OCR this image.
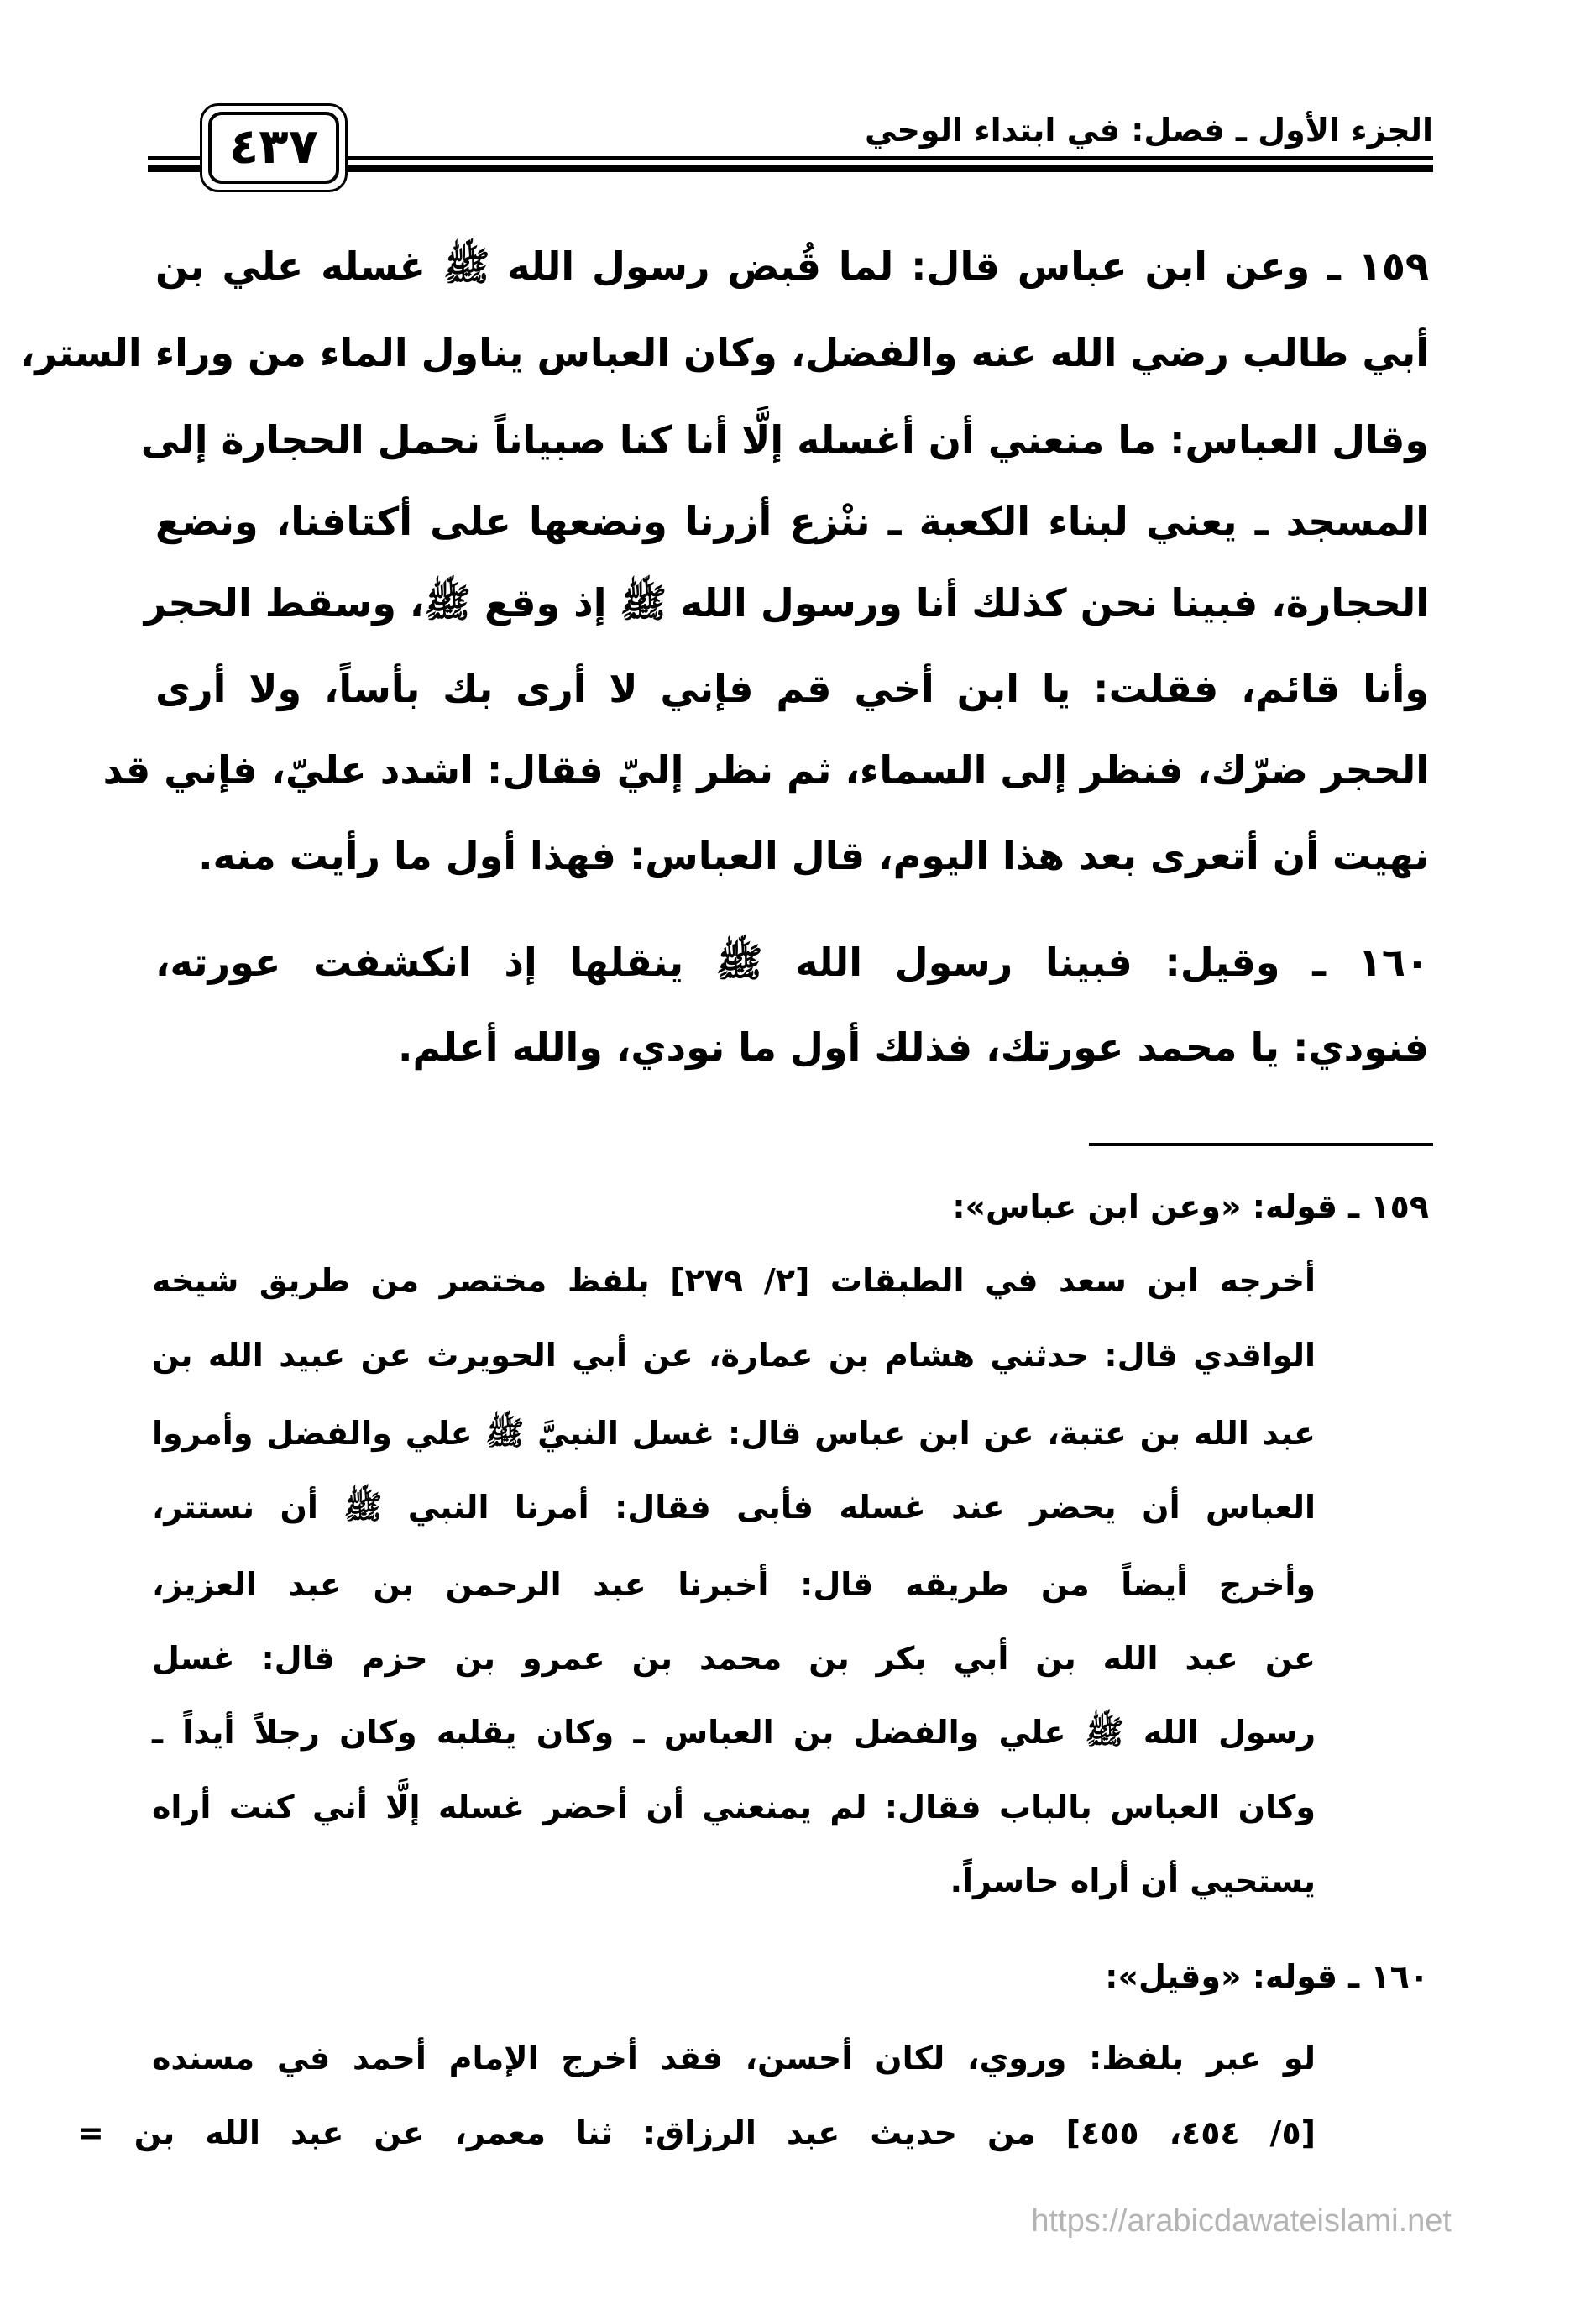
الجزء الأول ـ فصل: في ابتداء الوحي
٤٣٧
١٥٩ ـ وعن ابن عباس قال: لما قُبض رسول الله ﷺ غسله علي بن
أبي طالب رضي الله عنه والفضل، وكان العباس يناول الماء من وراء الستر،
وقال العباس: ما منعني أن أغسله إلَّا أنا كنا صبياناً نحمل الحجارة إلى
المسجد ـ يعني لبناء الكعبة ـ ننْزع أزرنا ونضعها على أكتافنا، ونضع
الحجارة، فبينا نحن كذلك أنا ورسول الله ﷺ إذ وقع ﷺ، وسقط الحجر
وأنا قائم، فقلت: يا ابن أخي قم فإني لا أرى بك بأساً، ولا أرى
الحجر ضرّك، فنظر إلى السماء، ثم نظر إليّ فقال: اشدد عليّ، فإني قد
نهيت أن أتعرى بعد هذا اليوم، قال العباس: فهذا أول ما رأيت منه.
١٦٠ ـ وقيل: فبينا رسول الله ﷺ ينقلها إذ انكشفت عورته،
فنودي: يا محمد عورتك، فذلك أول ما نودي، والله أعلم.
١٥٩ ـ قوله: «وعن ابن عباس»:
أخرجه ابن سعد في الطبقات [٢/ ٢٧٩] بلفظ مختصر من طريق شيخه
الواقدي قال: حدثني هشام بن عمارة، عن أبي الحويرث عن عبيد الله بن
عبد الله بن عتبة، عن ابن عباس قال: غسل النبيَّ ﷺ علي والفضل وأمروا
العباس أن يحضر عند غسله فأبى فقال: أمرنا النبي ﷺ أن نستتر،
وأخرج أيضاً من طريقه قال: أخبرنا عبد الرحمن بن عبد العزيز،
عن عبد الله بن أبي بكر بن محمد بن عمرو بن حزم قال: غسل
رسول الله ﷺ علي والفضل بن العباس ـ وكان يقلبه وكان رجلاً أيداً ـ
وكان العباس بالباب فقال: لم يمنعني أن أحضر غسله إلَّا أني كنت أراه
يستحيي أن أراه حاسراً.
١٦٠ ـ قوله: «وقيل»:
لو عبر بلفظ: وروي، لكان أحسن، فقد أخرج الإمام أحمد في مسنده
[٥/ ٤٥٤، ٤٥٥] من حديث عبد الرزاق: ثنا معمر، عن عبد الله بن =
https://arabicdawateislami.net
